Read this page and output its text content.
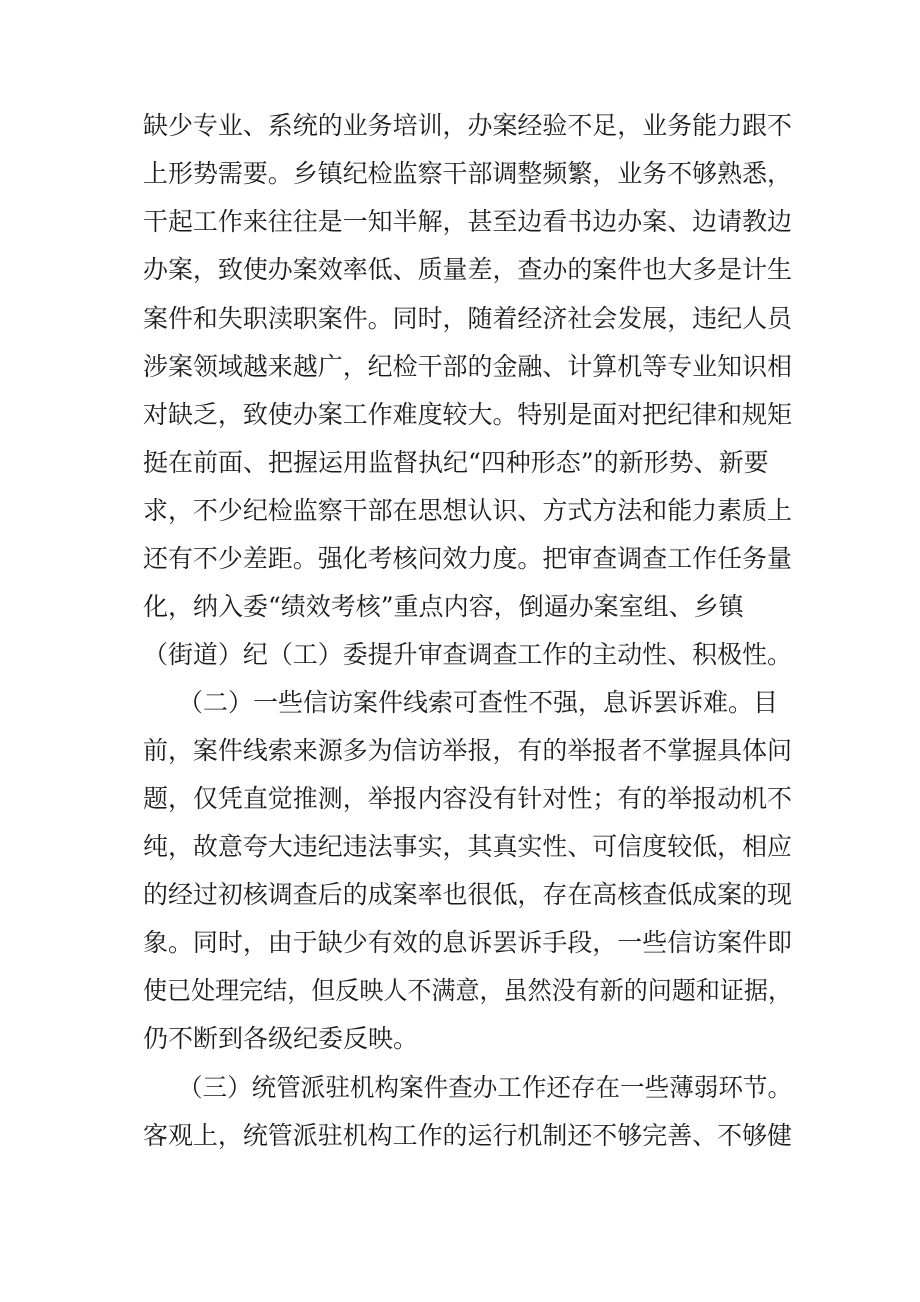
缺少专业、系统的业务培训，办案经验不足，业务能力跟不
上形势需要。乡镇纪检监察干部调整频繁，业务不够熟悉，
干起工作来往往是一知半解，甚至边看书边办案、边请教边
办案，致使办案效率低、质量差，查办的案件也大多是计生
案件和失职渎职案件。同时，随着经济社会发展，违纪人员
涉案领域越来越广，纪检干部的金融、计算机等专业知识相
对缺乏，致使办案工作难度较大。特别是面对把纪律和规矩
挺在前面、把握运用监督执纪“四种形态”的新形势、新要
求，不少纪检监察干部在思想认识、方式方法和能力素质上
还有不少差距。强化考核问效力度。把审查调查工作任务量
化，纳入委“绩效考核”重点内容，倒逼办案室组、乡镇
（街道）纪（工）委提升审查调查工作的主动性、积极性。
（二）一些信访案件线索可查性不强，息诉罢诉难。目
前，案件线索来源多为信访举报，有的举报者不掌握具体问
题，仅凭直觉推测，举报内容没有针对性；有的举报动机不
纯，故意夸大违纪违法事实，其真实性、可信度较低，相应
的经过初核调查后的成案率也很低，存在高核查低成案的现
象。同时，由于缺少有效的息诉罢诉手段，一些信访案件即
使已处理完结，但反映人不满意，虽然没有新的问题和证据，
仍不断到各级纪委反映。
（三）统管派驻机构案件查办工作还存在一些薄弱环节。
客观上，统管派驻机构工作的运行机制还不够完善、不够健
